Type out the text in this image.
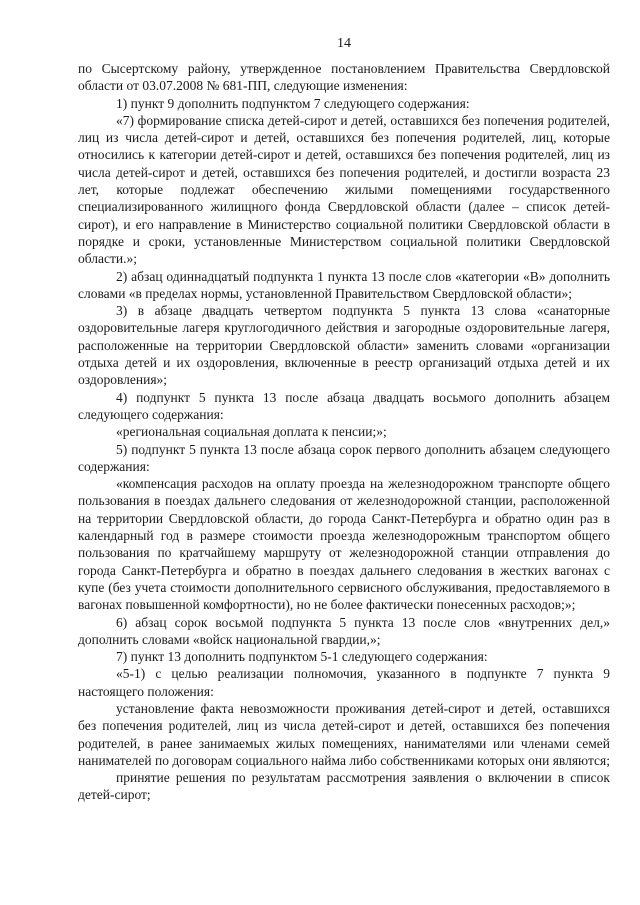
14

по Сысертскому району, утвержденное постановлением Правительства Свердловской области от 03.07.2008 № 681-ПП, следующие изменения:

1) пункт 9 дополнить подпунктом 7 следующего содержания:

«7) формирование списка детей-сирот и детей, оставшихся без попечения родителей, лиц из числа детей-сирот и детей, оставшихся без попечения родителей, лиц, которые относились к категории детей-сирот и детей, оставшихся без попечения родителей, лиц из числа детей-сирот и детей, оставшихся без попечения родителей, и достигли возраста 23 лет, которые подлежат обеспечению жилыми помещениями государственного специализированного жилищного фонда Свердловской области (далее – список детей-сирот), и его направление в Министерство социальной политики Свердловской области в порядке и сроки, установленные Министерством социальной политики Свердловской области.»;

2) абзац одиннадцатый подпункта 1 пункта 13 после слов «категории «В» дополнить словами «в пределах нормы, установленной Правительством Свердловской области»;

3) в абзаце двадцать четвертом подпункта 5 пункта 13 слова «санаторные оздоровительные лагеря круглогодичного действия и загородные оздоровительные лагеря, расположенные на территории Свердловской области» заменить словами «организации отдыха детей и их оздоровления, включенные в реестр организаций отдыха детей и их оздоровления»;

4) подпункт 5 пункта 13 после абзаца двадцать восьмого дополнить абзацем следующего содержания:

«региональная социальная доплата к пенсии;»;

5) подпункт 5 пункта 13 после абзаца сорок первого дополнить абзацем следующего содержания:

«компенсация расходов на оплату проезда на железнодорожном транспорте общего пользования в поездах дальнего следования от железнодорожной станции, расположенной на территории Свердловской области, до города Санкт-Петербурга и обратно один раз в календарный год в размере стоимости проезда железнодорожным транспортом общего пользования по кратчайшему маршруту от железнодорожной станции отправления до города Санкт-Петербурга и обратно в поездах дальнего следования в жестких вагонах с купе (без учета стоимости дополнительного сервисного обслуживания, предоставляемого в вагонах повышенной комфортности), но не более фактически понесенных расходов;»;

6) абзац сорок восьмой подпункта 5 пункта 13 после слов «внутренних дел,» дополнить словами «войск национальной гвардии,»;

7) пункт 13 дополнить подпунктом 5-1 следующего содержания:

«5-1) с целью реализации полномочия, указанного в подпункте 7 пункта 9 настоящего положения:

установление факта невозможности проживания детей-сирот и детей, оставшихся без попечения родителей, лиц из числа детей-сирот и детей, оставшихся без попечения родителей, в ранее занимаемых жилых помещениях, нанимателями или членами семей нанимателей по договорам социального найма либо собственниками которых они являются;

принятие решения по результатам рассмотрения заявления о включении в список детей-сирот;
